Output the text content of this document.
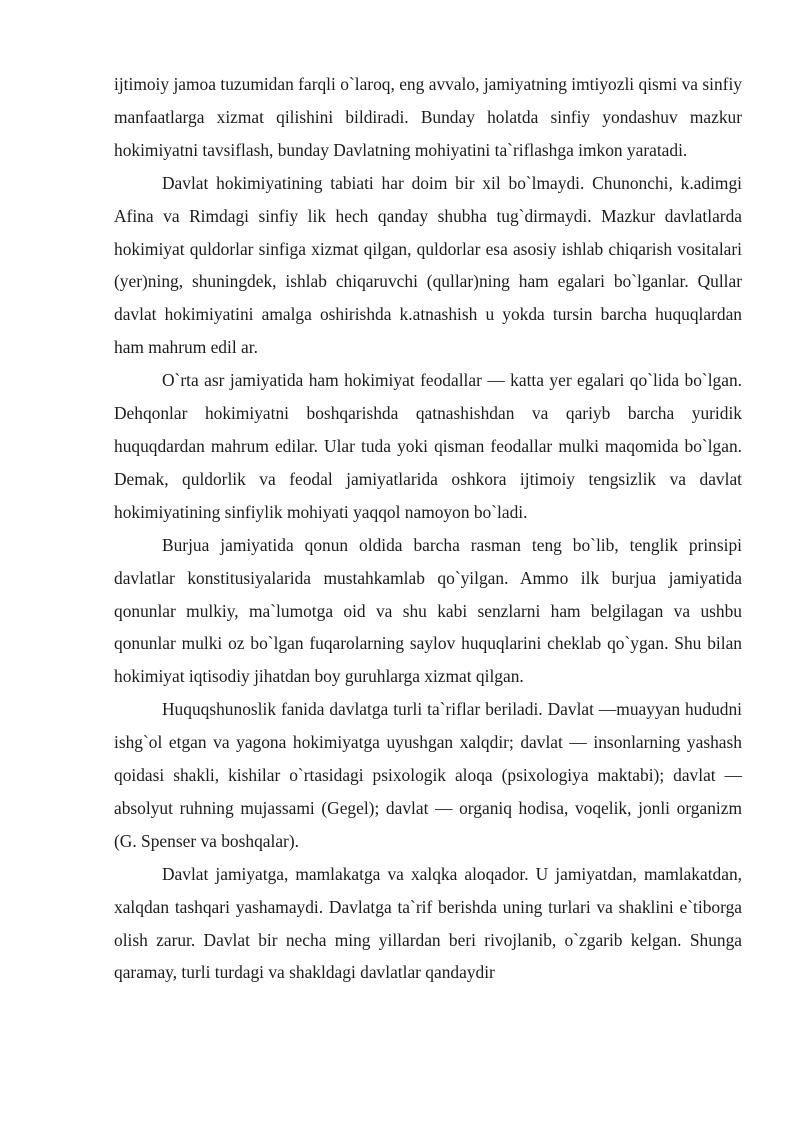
ijtimoiy jamoa tuzumidan farqli o`laroq, eng avvalo, jamiyatning imtiyozli qismi va sinfiy manfaatlarga xizmat qilishini bildiradi. Bunday holatda sinfiy yondashuv mazkur hokimiyatni tavsiflash, bunday Davlatning mohiyatini ta`riflashga imkon yaratadi.

Davlat hokimiyatining tabiati har doim bir xil bo`lmaydi. Chunonchi, k.adimgi Afina va Rimdagi sinfiy lik hech qanday shubha tug`dirmaydi. Mazkur davlatlarda hokimiyat quldorlar sinfiga xizmat qilgan, quldorlar esa asosiy ishlab chiqarish vositalari (yer)ning, shuningdek, ishlab chiqaruvchi (qullar)ning ham egalari bo`lganlar. Qullar davlat hokimiyatini amalga oshirishda k.atnashish u yokda tursin barcha huquqlardan ham mahrum edil ar.

O`rta asr jamiyatida ham hokimiyat feodallar — katta yer egalari qo`lida bo`lgan. Dehqonlar hokimiyatni boshqarishda qatnashishdan va qariyb barcha yuridik huquqdardan mahrum edilar. Ular tuda yoki qisman feodallar mulki maqomida bo`lgan. Demak, quldorlik va feodal jamiyatlarida oshkora ijtimoiy tengsizlik va davlat hokimiyatining sinfiylik mohiyati yaqqol namoyon bo`ladi.

Burjua jamiyatida qonun oldida barcha rasman teng bo`lib, tenglik prinsipi davlatlar konstitusiyalarida mustahkamlab qo`yilgan. Ammo ilk burjua jamiyatida qonunlar mulkiy, ma`lumotga oid va shu kabi senzlarni ham belgilagan va ushbu qonunlar mulki oz bo`lgan fuqarolarning saylov huquqlarini cheklab qo`ygan. Shu bilan hokimiyat iqtisodiy jihatdan boy guruhlarga xizmat qilgan.

Huquqshunoslik fanida davlatga turli ta`riflar beriladi. Davlat —muayyan hududni ishg`ol etgan va yagona hokimiyatga uyushgan xalqdir; davlat — insonlarning yashash qoidasi shakli, kishilar o`rtasidagi psixologik aloqa (psixologiya maktabi); davlat — absolyut ruhning mujassami (Gegel); davlat — organiq hodisa, voqelik, jonli organizm (G. Spenser va boshqalar).

Davlat jamiyatga, mamlakatga va xalqka aloqador. U jamiyatdan, mamlakatdan, xalqdan tashqari yashamaydi. Davlatga ta`rif berishda uning turlari va shaklini e`tiborga olish zarur. Davlat bir necha ming yillardan beri rivojlanib, o`zgarib kelgan. Shunga qaramay, turli turdagi va shakldagi davlatlar qandaydir
